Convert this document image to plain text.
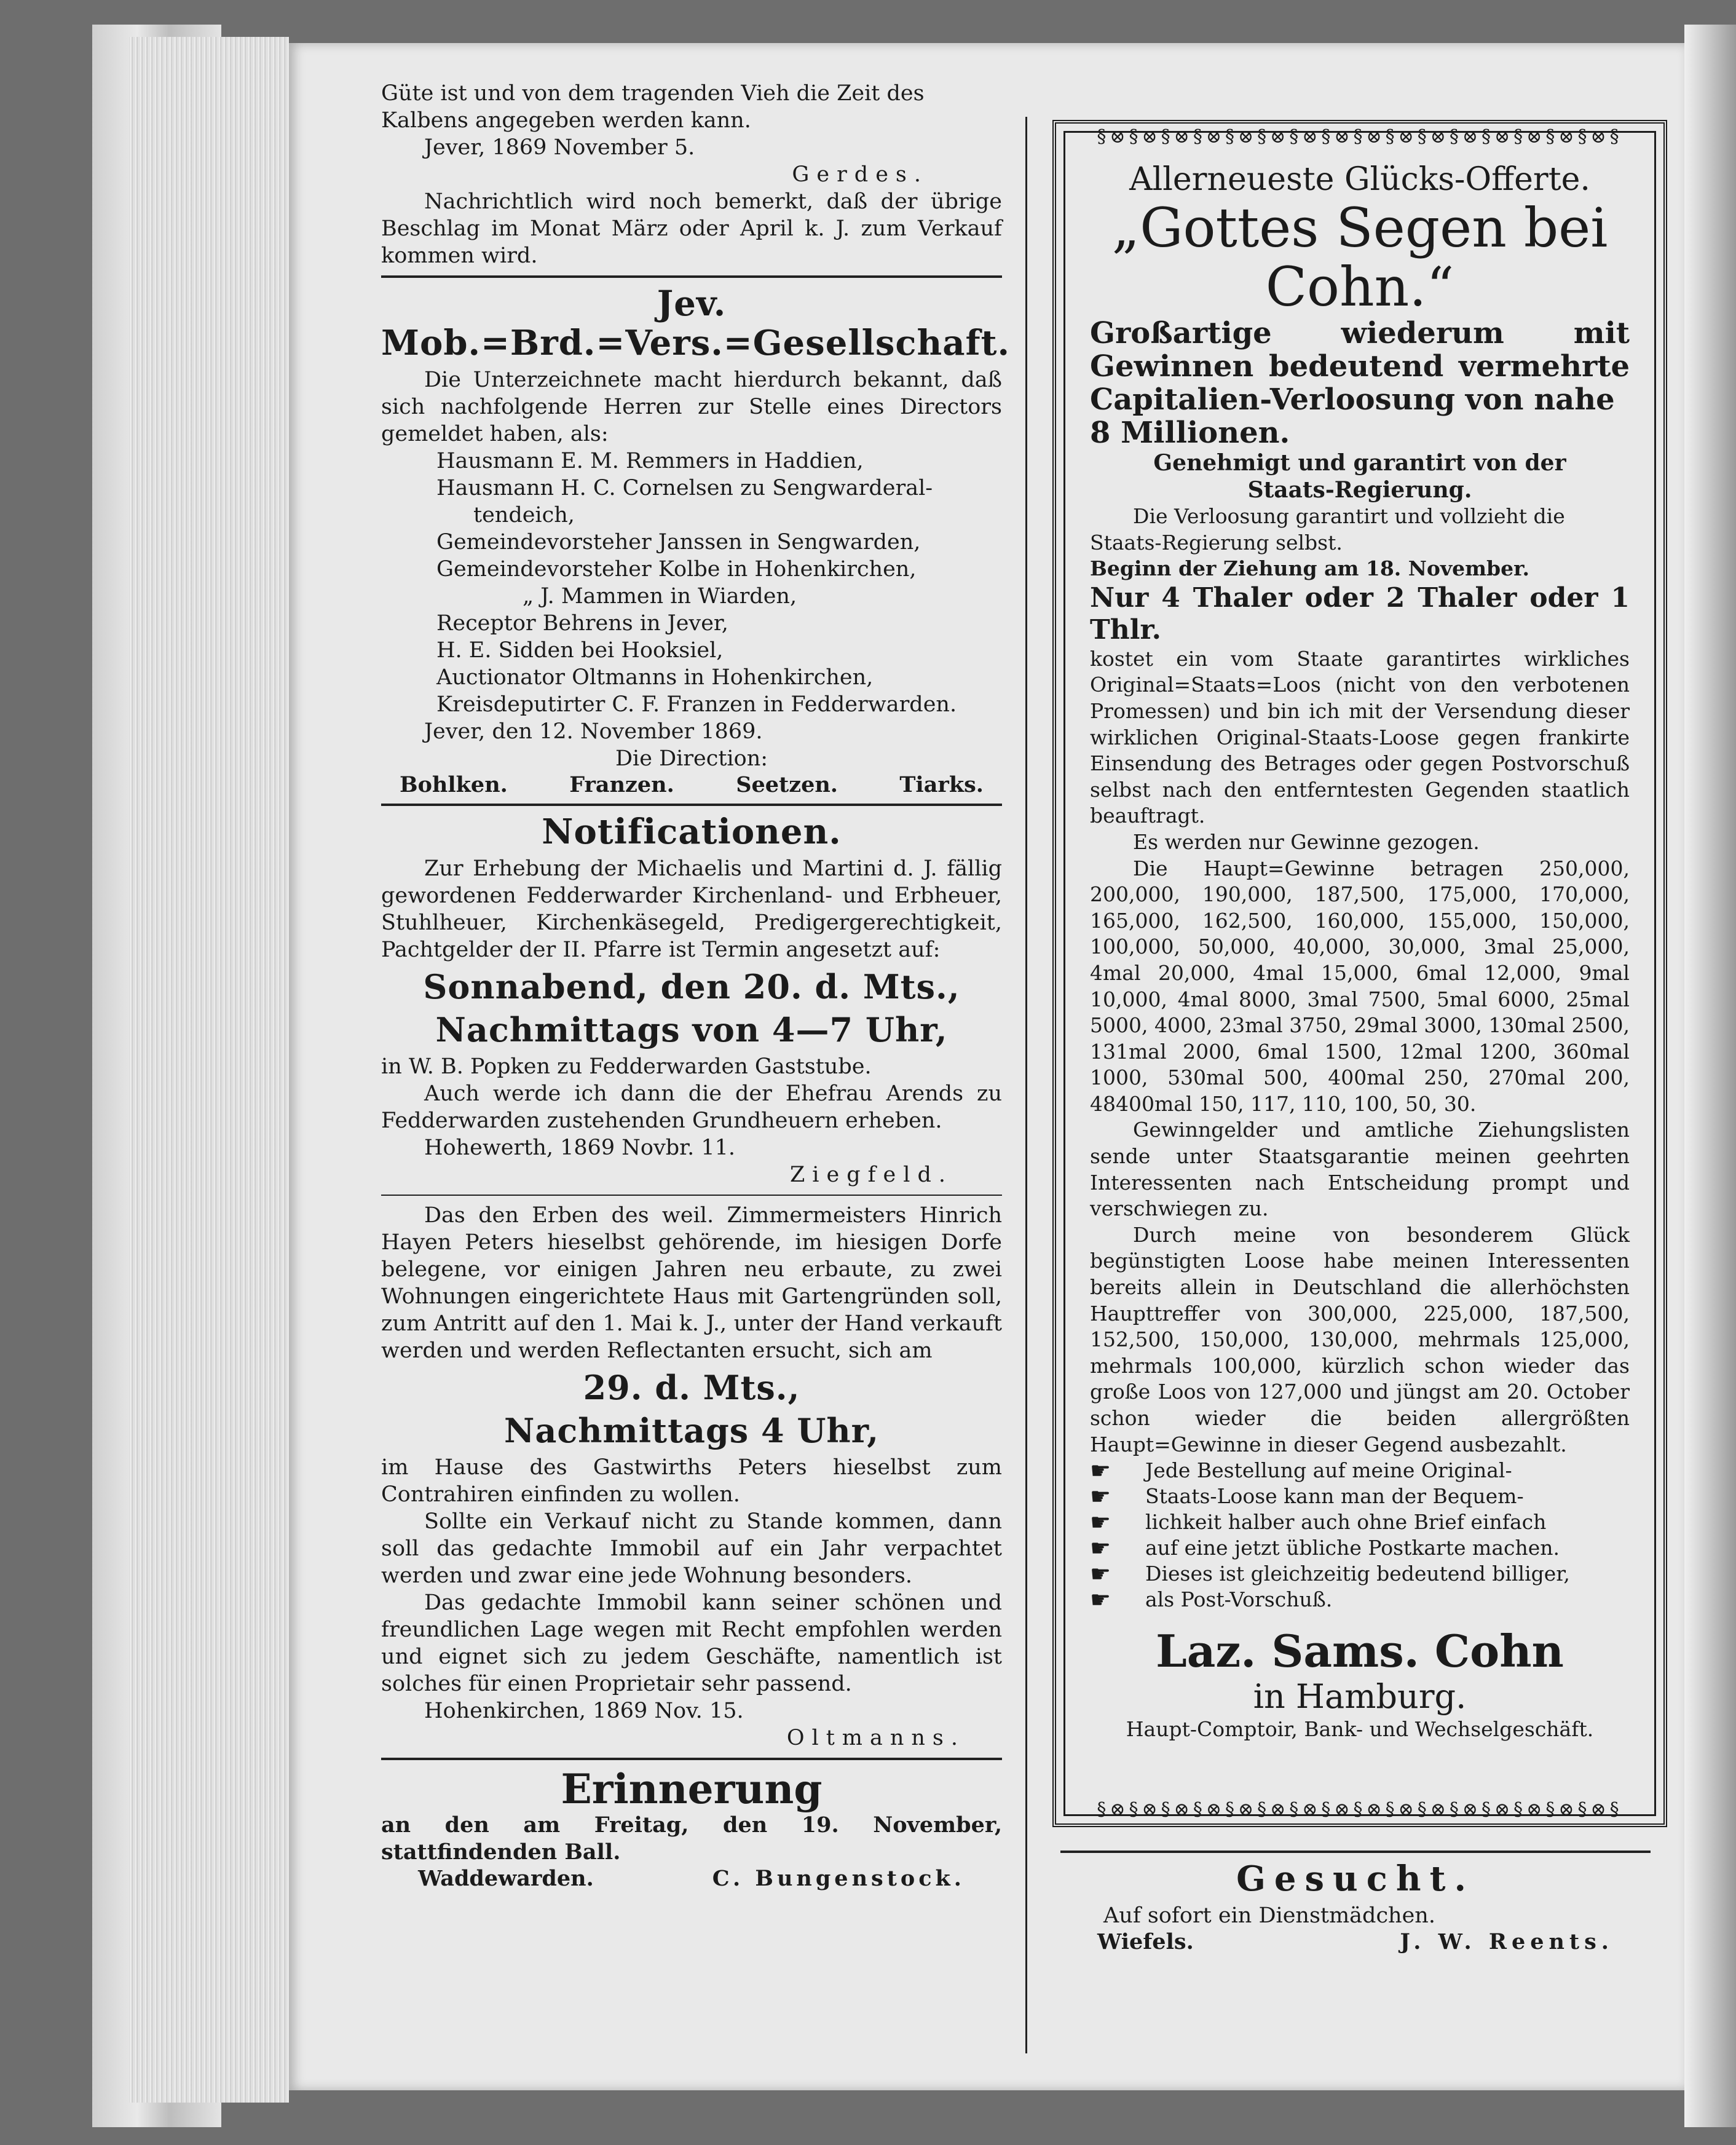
Güte ist und von dem tragenden Vieh die Zeit des

Kalbens angegeben werden kann.

Jever, 1869 November 5.

Gerdes.

Nachrichtlich wird noch bemerkt, daß der übrige Beschlag im Monat März oder April k. J. zum Verkauf kommen wird.

Jev. Mob.=Brd.=Vers.=Gesellschaft.

Die Unterzeichnete macht hierdurch bekannt, daß sich nachfolgende Herren zur Stelle eines Directors gemeldet haben, als:

Hausmann E. M. Remmers in Haddien,

Hausmann H. C. Cornelsen zu Sengwarderal-

tendeich,

Gemeindevorsteher Janssen in Sengwarden,

Gemeindevorsteher Kolbe in Hohenkirchen,

„ J. Mammen in Wiarden,

Receptor Behrens in Jever,

H. E. Sidden bei Hooksiel,

Auctionator Oltmanns in Hohenkirchen,

Kreisdeputirter C. F. Franzen in Fedderwarden.

Jever, den 12. November 1869.

Die Direction:

Bohlken.	Franzen.	Seetzen.	Tiarks.
Notificationen.

Zur Erhebung der Michaelis und Martini d. J. fällig gewordenen Fedderwarder Kirchenland- und Erbheuer, Stuhlheuer, Kirchenkäsegeld, Predigergerechtigkeit, Pachtgelder der II. Pfarre ist Termin angesetzt auf:

Sonnabend, den 20. d. Mts.,
Nachmittags von 4—7 Uhr,

in W. B. Popken zu Fedderwarden Gaststube.

Auch werde ich dann die der Ehefrau Arends zu Fedderwarden zustehenden Grundheuern erheben.

Hohewerth, 1869 Novbr. 11.

Ziegfeld.

Das den Erben des weil. Zimmermeisters Hinrich Hayen Peters hieselbst gehörende, im hiesigen Dorfe belegene, vor einigen Jahren neu erbaute, zu zwei Wohnungen eingerichtete Haus mit Gartengründen soll, zum Antritt auf den 1. Mai k. J., unter der Hand verkauft werden und werden Reflectanten ersucht, sich am

29. d. Mts.,
Nachmittags 4 Uhr,

im Hause des Gastwirths Peters hieselbst zum Contrahiren einfinden zu wollen.

Sollte ein Verkauf nicht zu Stande kommen, dann soll das gedachte Immobil auf ein Jahr verpachtet werden und zwar eine jede Wohnung besonders.

Das gedachte Immobil kann seiner schönen und freundlichen Lage wegen mit Recht empfohlen werden und eignet sich zu jedem Geschäfte, namentlich ist solches für einen Proprietair sehr passend.

Hohenkirchen, 1869 Nov. 15.

Oltmanns.

Erinnerung

an den am Freitag, den 19. November, stattfindenden Ball.

Waddewarden.	C. Bungenstock.
§⊗§⊗§⊗§⊗§⊗§⊗§⊗§⊗§⊗§⊗§⊗§⊗§⊗§⊗§⊗§⊗§
Allerneueste Glücks-Offerte.
„Gottes Segen bei Cohn.“

Großartige wiederum mit Gewinnen bedeutend vermehrte Capitalien-Verloosung von nahe

8 Millionen.

Genehmigt und garantirt von der

Staats-Regierung.

Die Verloosung garantirt und vollzieht die

Staats-Regierung selbst.

Beginn der Ziehung am 18. November.

Nur 4 Thaler oder 2 Thaler oder 1 Thlr.

kostet ein vom Staate garantirtes wirkliches Original=Staats=Loos (nicht von den verbotenen Promessen) und bin ich mit der Versendung dieser wirklichen Original-Staats-Loose gegen frankirte Einsendung des Betrages oder gegen Postvorschuß selbst nach den entferntesten Gegenden staatlich beauftragt.

Es werden nur Gewinne gezogen.

Die Haupt=Gewinne betragen 250,000, 200,000, 190,000, 187,500, 175,000, 170,000, 165,000, 162,500, 160,000, 155,000, 150,000, 100,000, 50,000, 40,000, 30,000, 3mal 25,000, 4mal 20,000, 4mal 15,000, 6mal 12,000, 9mal 10,000, 4mal 8000, 3mal 7500, 5mal 6000, 25mal 5000, 4000, 23mal 3750, 29mal 3000, 130mal 2500, 131mal 2000, 6mal 1500, 12mal 1200, 360mal 1000, 530mal 500, 400mal 250, 270mal 200, 48400mal 150, 117, 110, 100, 50, 30.

Gewinngelder und amtliche Ziehungslisten sende unter Staatsgarantie meinen geehrten Interessenten nach Entscheidung prompt und verschwiegen zu.

Durch meine von besonderem Glück begünstigten Loose habe meinen Interessenten bereits allein in Deutschland die allerhöchsten Haupttreffer von 300,000, 225,000, 187,500, 152,500, 150,000, 130,000, mehrmals 125,000, mehrmals 100,000, kürzlich schon wieder das große Loos von 127,000 und jüngst am 20. October schon wieder die beiden allergrößten Haupt=Gewinne in dieser Gegend ausbezahlt.

☛	Jede Bestellung auf meine Original-
☛	Staats-Loose kann man der Bequem-
☛	lichkeit halber auch ohne Brief einfach
☛	auf eine jetzt übliche Postkarte machen.
☛	Dieses ist gleichzeitig bedeutend billiger,
☛	als Post-Vorschuß.
Laz. Sams. Cohn
in Hamburg.
Haupt-Comptoir, Bank- und Wechselgeschäft.
§⊗§⊗§⊗§⊗§⊗§⊗§⊗§⊗§⊗§⊗§⊗§⊗§⊗§⊗§⊗§⊗§
Gesucht.

Auf sofort ein Dienstmädchen.

Wiefels.	J. W. Reents.
